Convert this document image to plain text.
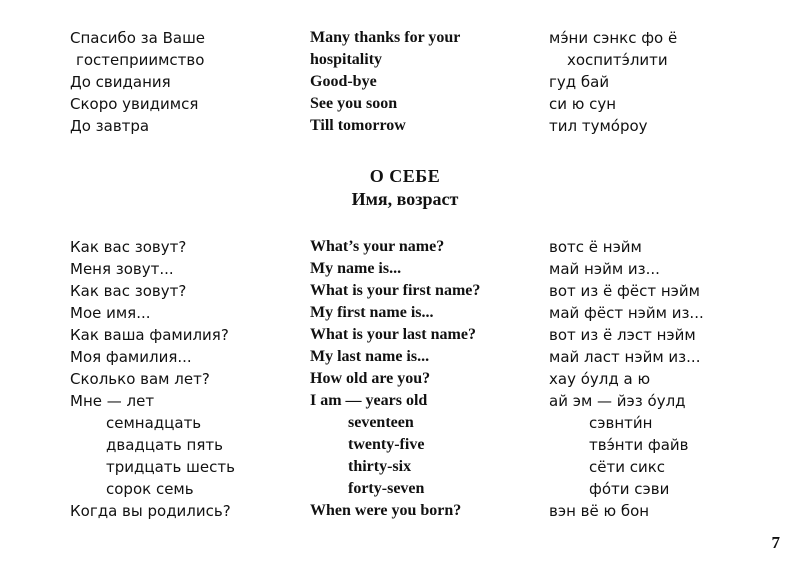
Спасибо за Ваше
гостеприимство
До свидания
Скоро увидимся
До завтра
Many thanks for your
hospitality
Good-bye
See you soon
Till tomorrow
мэ́ни сэнкс фо ё
хоспитэ́лити
гуд бай
си ю сун
тил тумо́роу
О СЕБЕ
Имя, возраст
Как вас зовут?
Меня зовут...
Как вас зовут?
Мое имя...
Как ваша фамилия?
Моя фамилия...
Сколько вам лет?
Мне — лет
семнадцать
двадцать пять
тридцать шесть
сорок семь
Когда вы родились?
What’s your name?
My name is...
What is your first name?
My first name is...
What is your last name?
My last name is...
How old are you?
I am — years old
seventeen
twenty-five
thirty-six
forty-seven
When were you born?
вотс ё нэйм
май нэйм из...
вот из ё фёст нэйм
май фёст нэйм из...
вот из ё лэст нэйм
май ласт нэйм из...
хау о́улд а ю
ай эм — йэз о́улд
сэвнти́н
твэ́нти файв
сёти сикс
фо́ти сэви
вэн вё ю бон
7
